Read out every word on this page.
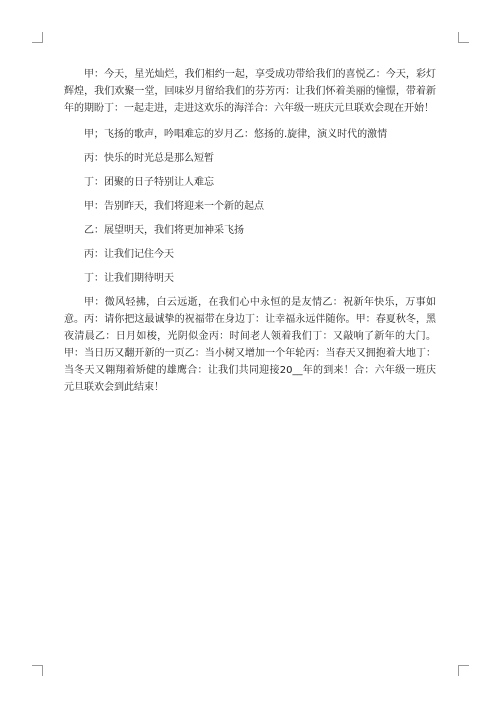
甲：今天，星光灿烂，我们相约一起，享受成功带给我们的喜悦乙：今天，彩灯辉煌，我们欢聚一堂，回味岁月留给我们的芬芳丙：让我们怀着美丽的憧憬，带着新年的期盼丁：一起走进，走进这欢乐的海洋合：六年级一班庆元旦联欢会现在开始！

甲；飞扬的歌声，吟唱难忘的岁月乙：悠扬的.旋律，演义时代的激情

丙：快乐的时光总是那么短暂

丁：团聚的日子特别让人难忘

甲：告别昨天，我们将迎来一个新的起点

乙：展望明天，我们将更加神采飞扬

丙：让我们记住今天

丁：让我们期待明天

甲：微风轻拂，白云远逝，在我们心中永恒的是友情乙：祝新年快乐，万事如意。丙：请你把这最诚挚的祝福带在身边丁：让幸福永远伴随你。甲：春夏秋冬，黑夜清晨乙：日月如梭，光阴似金丙：时间老人领着我们丁：又敲响了新年的大门。甲：当日历又翻开新的一页乙：当小树又增加一个年轮丙：当春天又拥抱着大地丁：当冬天又翱翔着矫健的雄鹰合：让我们共同迎接20__年的到来！合：六年级一班庆元旦联欢会到此结束！
